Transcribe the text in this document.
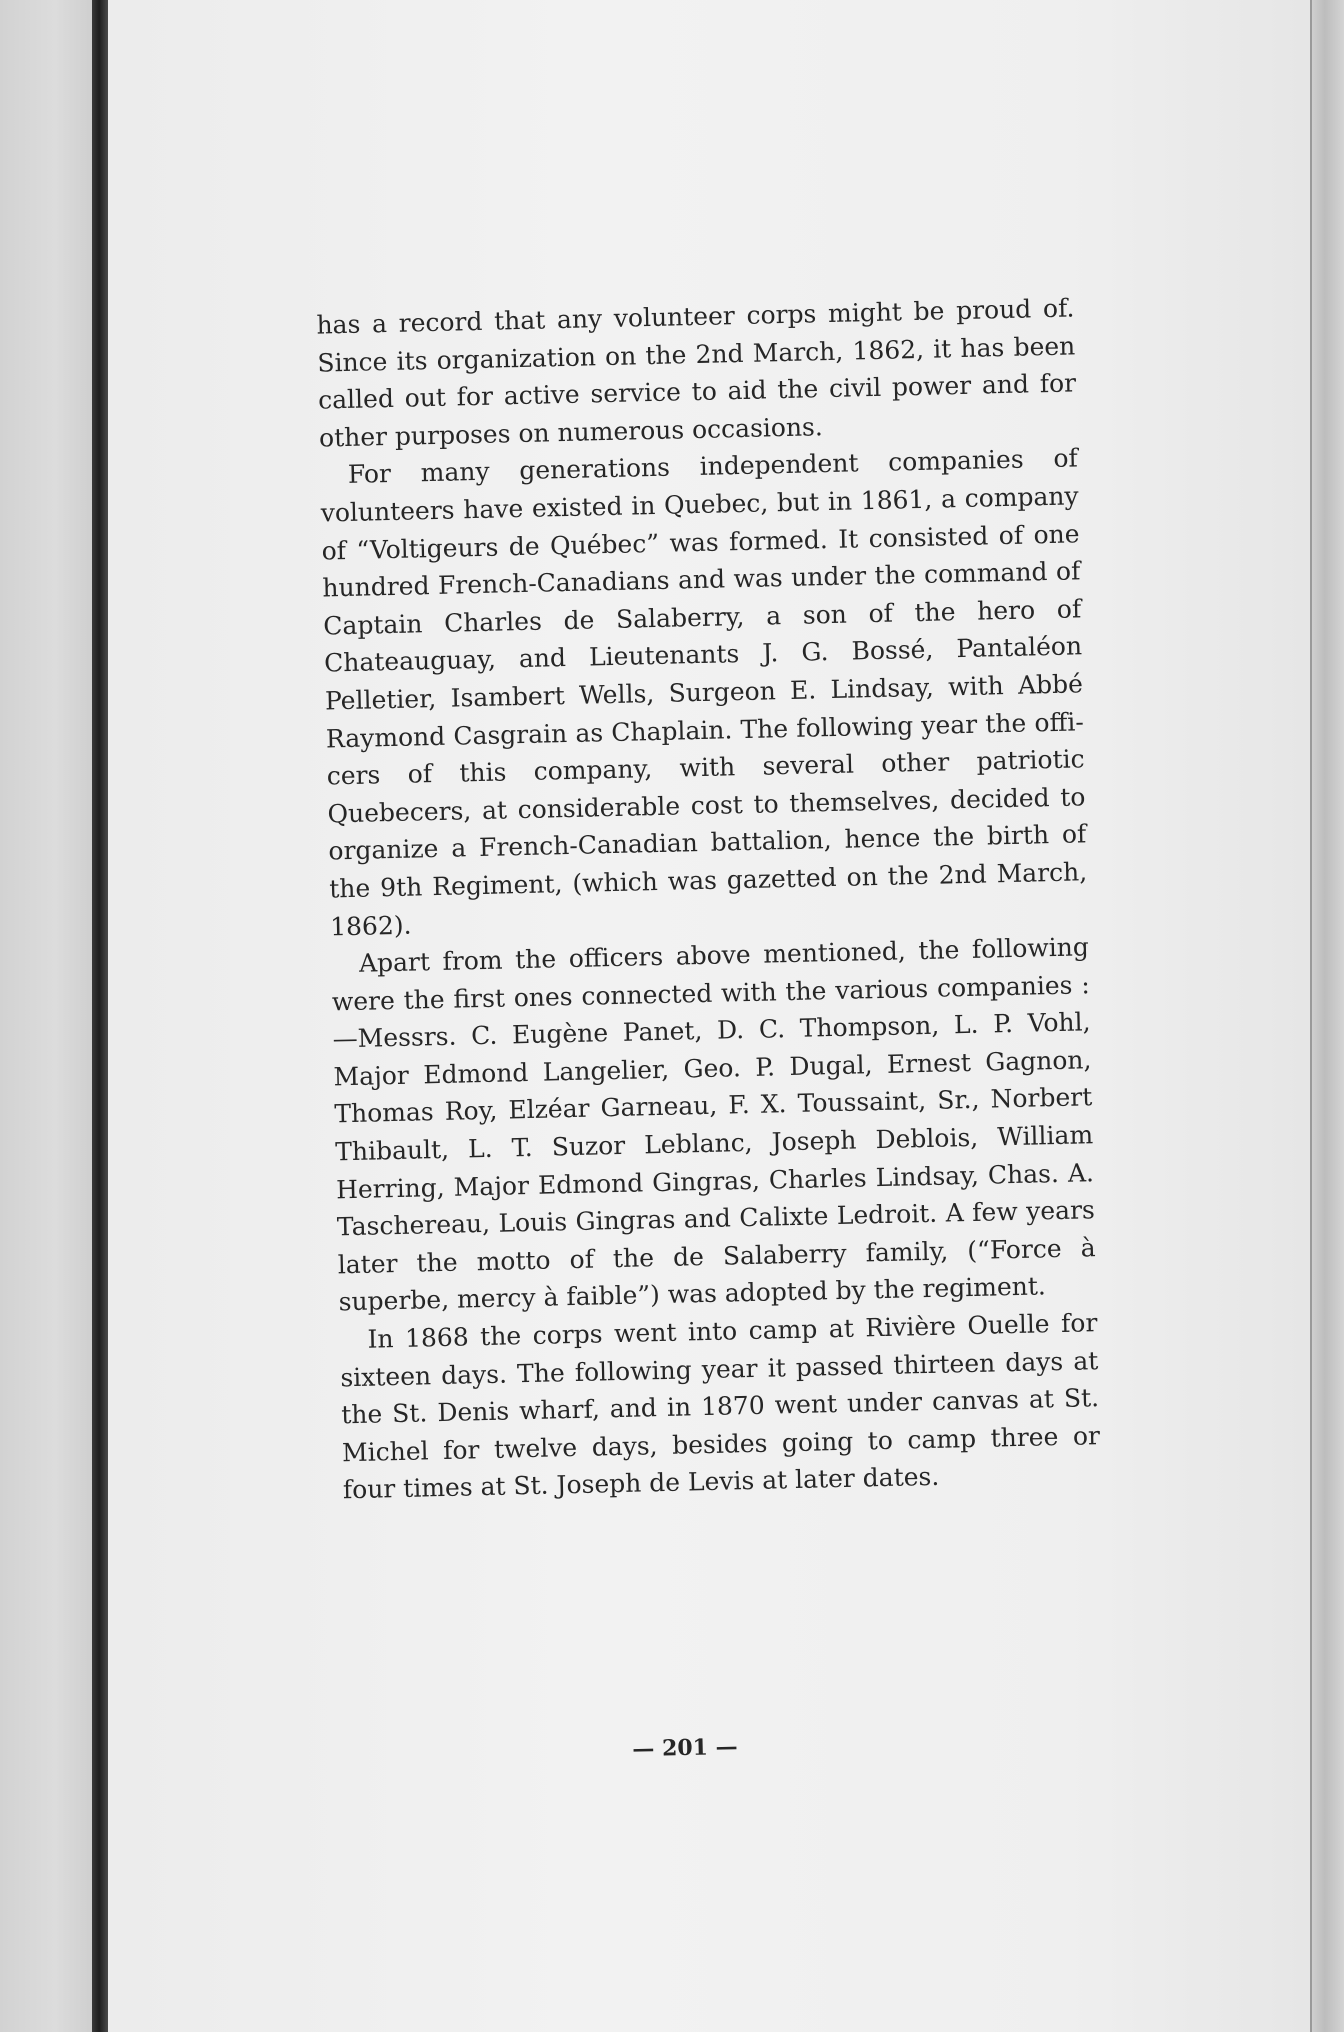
has a record that any volunteer corps might be proud of. Since its organization on the 2nd March, 1862, it has been called out for active service to aid the civil power and for other purposes on numerous occasions.

For many generations independent companies of volunteers have existed in Quebec, but in 1861, a company of “Voltigeurs de Québec” was formed. It consisted of one hundred French-Canadians and was under the command of Captain Charles de Salaberry, a son of the hero of Chateauguay, and Lieutenants J. G. Bossé, Pantaléon Pelletier, Isambert Wells, Surgeon E. Lindsay, with Abbé Raymond Casgrain as Chaplain. The following year the officers of this company, with several other patriotic Quebecers, at considerable cost to themselves, decided to organize a French-Canadian battalion, hence the birth of the 9th Regiment, (which was gazetted on the 2nd March, 1862).

Apart from the officers above mentioned, the following were the first ones connected with the various companies :—Messrs. C. Eugène Panet, D. C. Thompson, L. P. Vohl, Major Edmond Langelier, Geo. P. Dugal, Ernest Gagnon, Thomas Roy, Elzéar Garneau, F. X. Toussaint, Sr., Norbert Thibault, L. T. Suzor Leblanc, Joseph Deblois, William Herring, Major Edmond Gingras, Charles Lindsay, Chas. A. Taschereau, Louis Gingras and Calixte Ledroit. A few years later the motto of the de Salaberry family, (“Force à superbe, mercy à faible”) was adopted by the regiment.

In 1868 the corps went into camp at Rivière Ouelle for sixteen days. The following year it passed thirteen days at the St. Denis wharf, and in 1870 went under canvas at St. Michel for twelve days, besides going to camp three or four times at St. Joseph de Levis at later dates.

— 201 —
